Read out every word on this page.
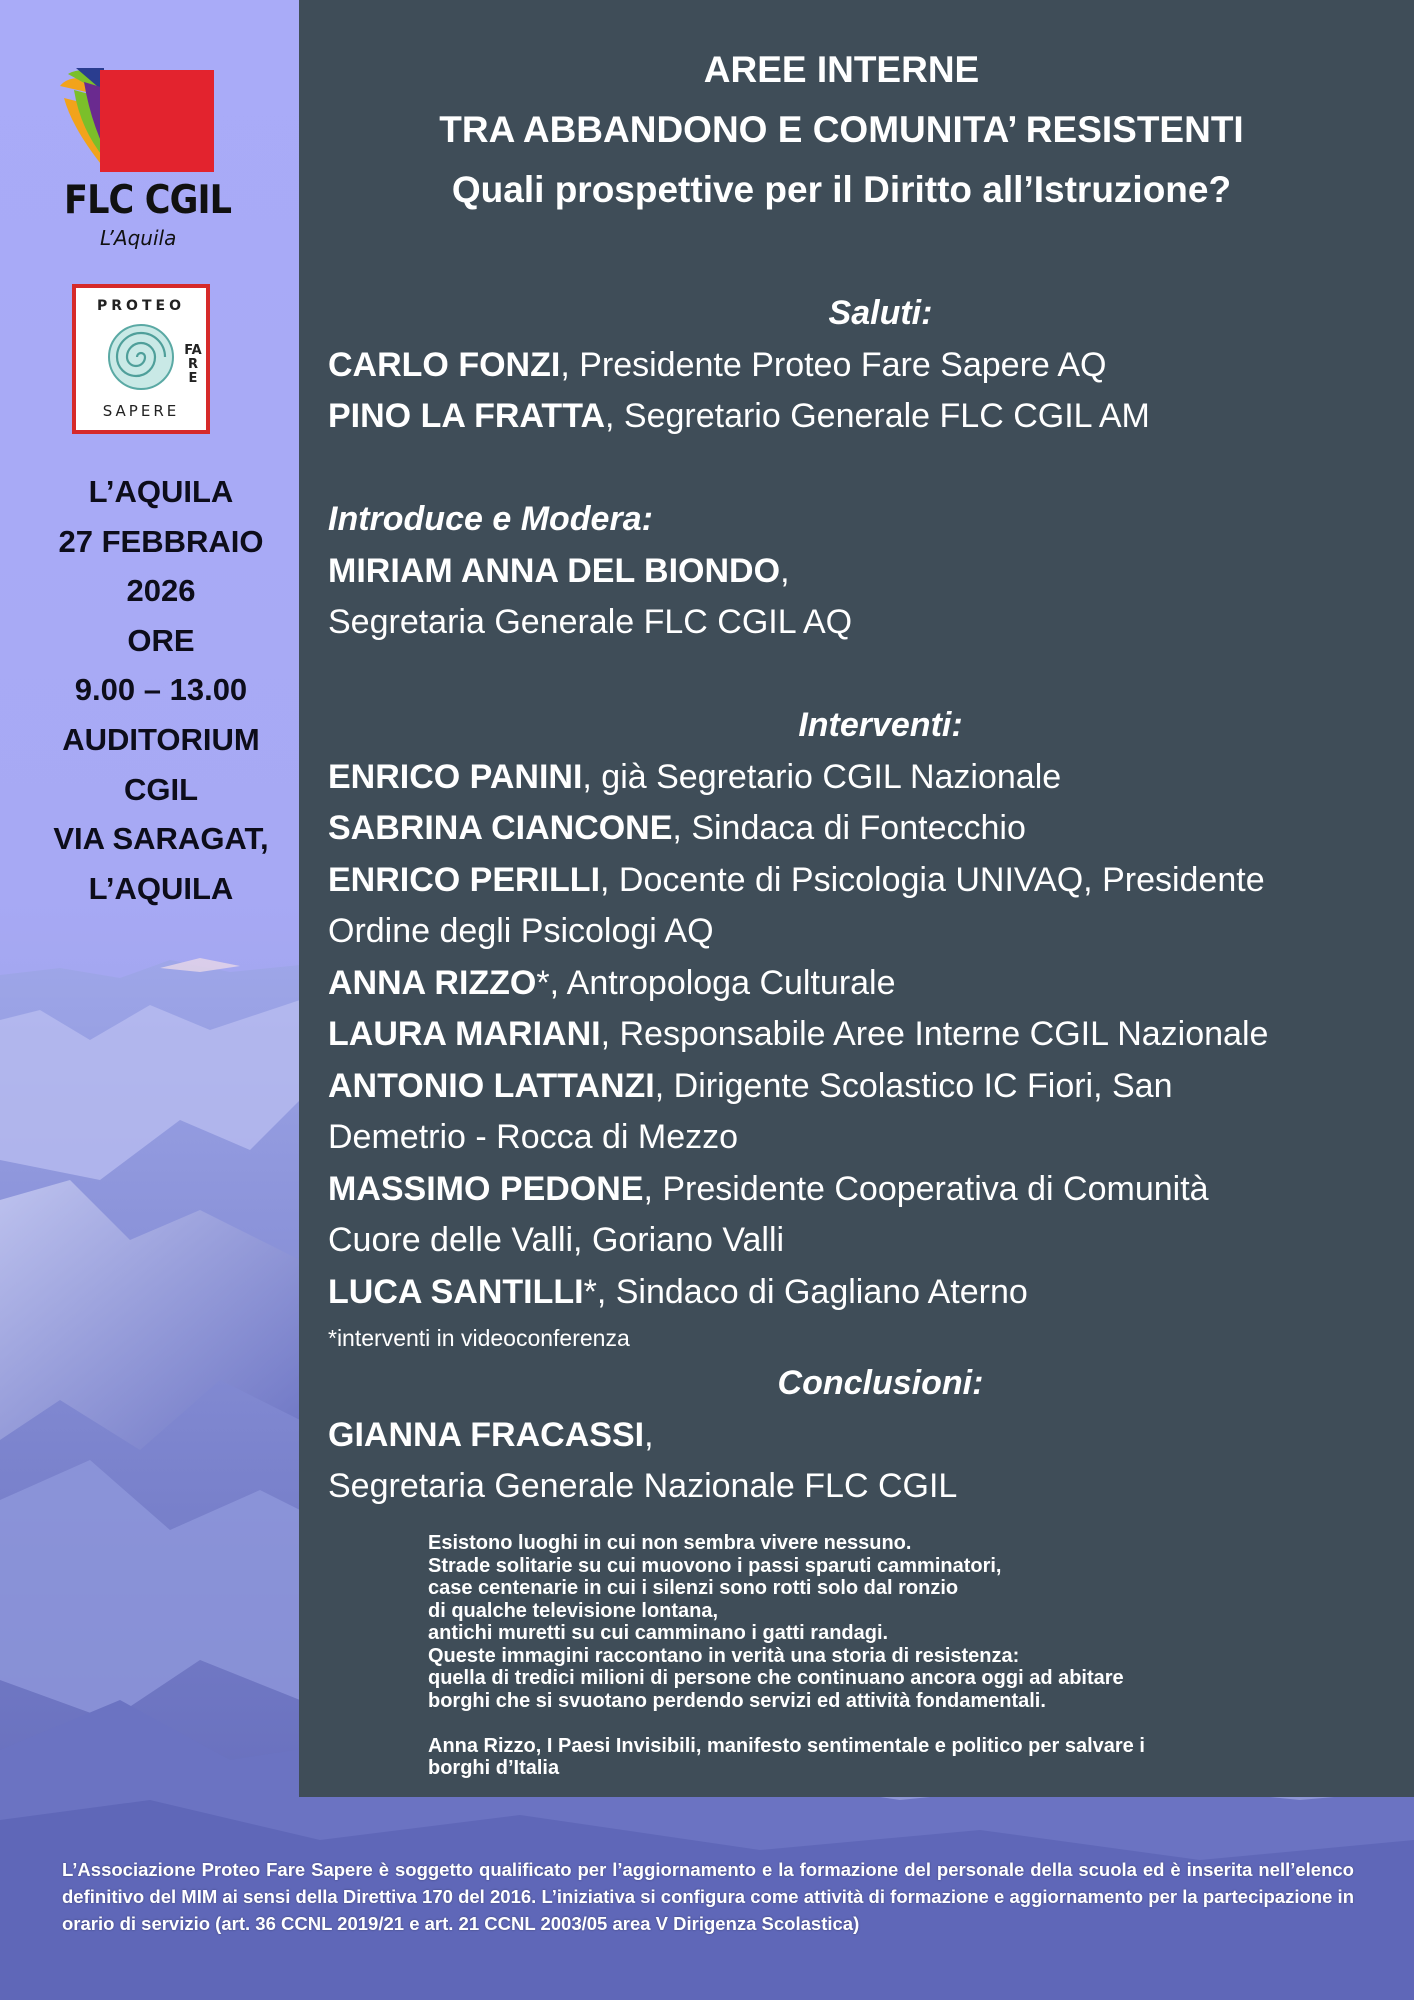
FLC CGIL
L’Aquila
PROTEO
FARE
SAPERE
L’AQUILA
27 FEBBRAIO
2026
ORE
9.00 – 13.00
AUDITORIUM
CGIL
VIA SARAGAT,
L’AQUILA
AREE INTERNE
TRA ABBANDONO E COMUNITA’ RESISTENTI
Quali prospettive per il Diritto all’Istruzione?
Saluti:
CARLO FONZI, Presidente Proteo Fare Sapere AQ
PINO LA FRATTA, Segretario Generale FLC CGIL AM
Introduce e Modera:
MIRIAM ANNA DEL BIONDO,
Segretaria Generale FLC CGIL AQ
Interventi:
ENRICO PANINI, già Segretario CGIL Nazionale
SABRINA CIANCONE, Sindaca di Fontecchio
ENRICO PERILLI, Docente di Psicologia UNIVAQ, Presidente
Ordine degli Psicologi AQ
ANNA RIZZO*, Antropologa Culturale
LAURA MARIANI, Responsabile Aree Interne CGIL Nazionale
ANTONIO LATTANZI, Dirigente Scolastico IC Fiori, San
Demetrio - Rocca di Mezzo
MASSIMO PEDONE, Presidente Cooperativa di Comunità
Cuore delle Valli, Goriano Valli
LUCA SANTILLI*, Sindaco di Gagliano Aterno
*interventi in videoconferenza
Conclusioni:
GIANNA FRACASSI,
Segretaria Generale Nazionale FLC CGIL
Esistono luoghi in cui non sembra vivere nessuno.
Strade solitarie su cui muovono i passi sparuti camminatori,
case centenarie in cui i silenzi sono rotti solo dal ronzio
di qualche televisione lontana,
antichi muretti su cui camminano i gatti randagi.
Queste immagini raccontano in verità una storia di resistenza:
quella di tredici milioni di persone che continuano ancora oggi ad abitare
borghi che si svuotano perdendo servizi ed attività fondamentali.
Anna Rizzo, I Paesi Invisibili, manifesto sentimentale e politico per salvare i
borghi d’Italia
L’Associazione Proteo Fare Sapere è soggetto qualificato per l’aggiornamento e la formazione del personale della scuola ed è inserita nell’elenco definitivo del MIM ai sensi della Direttiva 170 del 2016. L’iniziativa si configura come attività di formazione e aggiornamento per la partecipazione in orario di servizio (art. 36 CCNL 2019/21 e art. 21 CCNL 2003/05 area V Dirigenza Scolastica)
